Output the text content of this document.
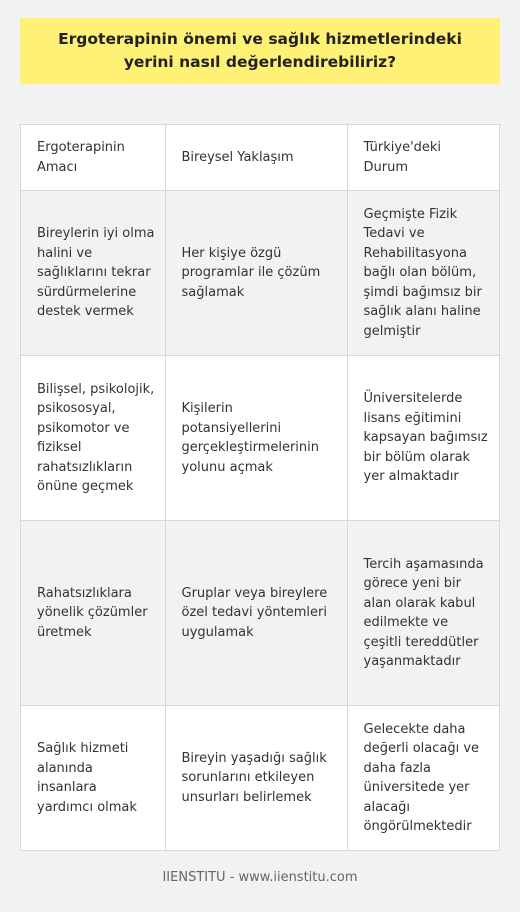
Ergoterapinin önemi ve sağlık hizmetlerindeki yerini nasıl değerlendirebiliriz?
Ergoterapinin Amacı	Bireysel Yaklaşım	Türkiye'deki Durum
Bireylerin iyi olma halini ve sağlıklarını tekrar sürdürmelerine destek vermek	Her kişiye özgü programlar ile çözüm sağlamak	Geçmişte Fizik Tedavi ve Rehabilitasyona bağlı olan bölüm, şimdi bağımsız bir sağlık alanı haline gelmiştir
Bilişsel, psikolojik, psikososyal, psikomotor ve fiziksel rahatsızlıkların önüne geçmek	Kişilerin potansiyellerini gerçekleştirmelerinin yolunu açmak	Üniversitelerde lisans eğitimini kapsayan bağımsız bir bölüm olarak yer almaktadır
Rahatsızlıklara yönelik çözümler üretmek	Gruplar veya bireylere özel tedavi yöntemleri uygulamak	Tercih aşamasında görece yeni bir alan olarak kabul edilmekte ve çeşitli tereddütler yaşanmaktadır
Sağlık hizmeti alanında insanlara yardımcı olmak	Bireyin yaşadığı sağlık sorunlarını etkileyen unsurları belirlemek	Gelecekte daha değerli olacağı ve daha fazla üniversitede yer alacağı öngörülmektedir
IIENSTITU - www.iienstitu.com
